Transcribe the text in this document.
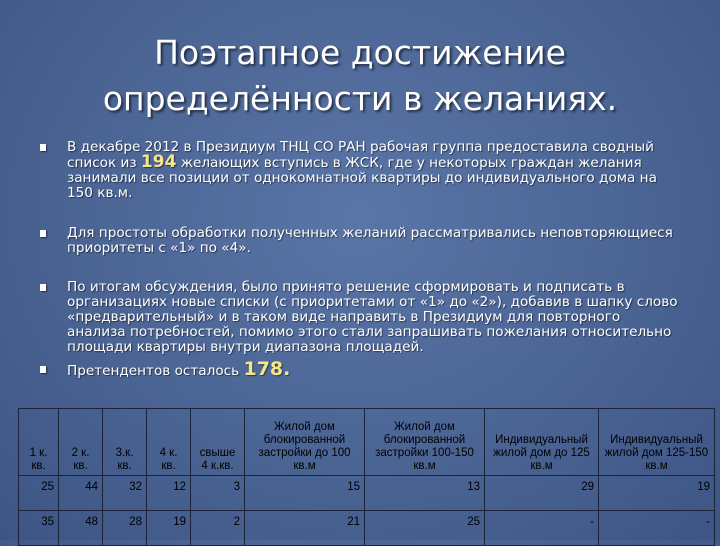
Поэтапное достижение
определённости в желаниях.
В декабре 2012 в Президиум ТНЦ СО РАН рабочая группа предоставила сводный список из 194 желающих вступись в ЖСК, где у некоторых граждан желания занимали все позиции от однокомнатной квартиры до индивидуального дома на 150 кв.м.
Для простоты обработки полученных желаний рассматривались неповторяющиеся приоритеты с «1» по «4».
По итогам обсуждения, было принято решение сформировать и подписать в организациях новые списки (с приоритетами от «1» до «2»), добавив в шапку слово «предварительный» и в таком виде направить в Президиум для повторного анализа потребностей, помимо этого стали запрашивать пожелания относительно площади квартиры внутри диапазона площадей.
Претендентов осталось 178.
1 к. кв.	2 к. кв.	3.к. кв.	4 к. кв.	свыше 4 к.кв.	Жилой дом блокированной застройки до 100 кв.м	Жилой дом блокированной застройки 100-150 кв.м	Индивидуальный жилой дом до 125 кв.м	Индивидуальный жилой дом 125-150 кв.м
25	44	32	12	3	15	13	29	19
35	48	28	19	2	21	25	-	-
